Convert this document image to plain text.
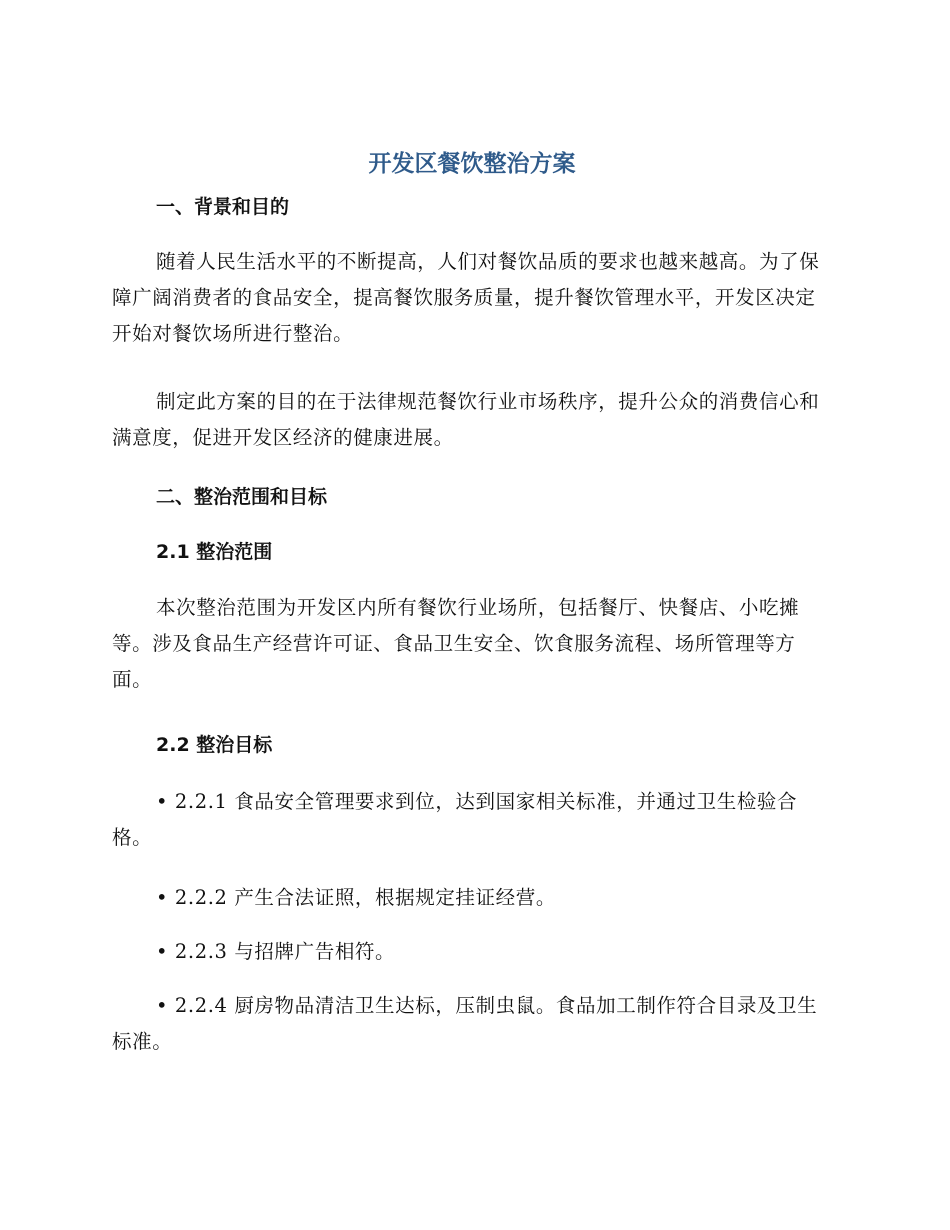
开发区餐饮整治方案
一、背景和目的

随着人民生活水平的不断提高，人们对餐饮品质的要求也越来越高。为了保障广阔消费者的食品安全，提高餐饮服务质量，提升餐饮管理水平，开发区决定开始对餐饮场所进行整治。

制定此方案的目的在于法律规范餐饮行业市场秩序，提升公众的消费信心和满意度，促进开发区经济的健康进展。

二、整治范围和目标
2.1 整治范围

本次整治范围为开发区内所有餐饮行业场所，包括餐厅、快餐店、小吃摊等。涉及食品生产经营许可证、食品卫生安全、饮食服务流程、场所管理等方面。

2.2 整治目标

• 2.2.1 食品安全管理要求到位，达到国家相关标准，并通过卫生检验合格。

• 2.2.2 产生合法证照，根据规定挂证经营。

• 2.2.3 与招牌广告相符。

• 2.2.4 厨房物品清洁卫生达标，压制虫鼠。食品加工制作符合目录及卫生标准。
